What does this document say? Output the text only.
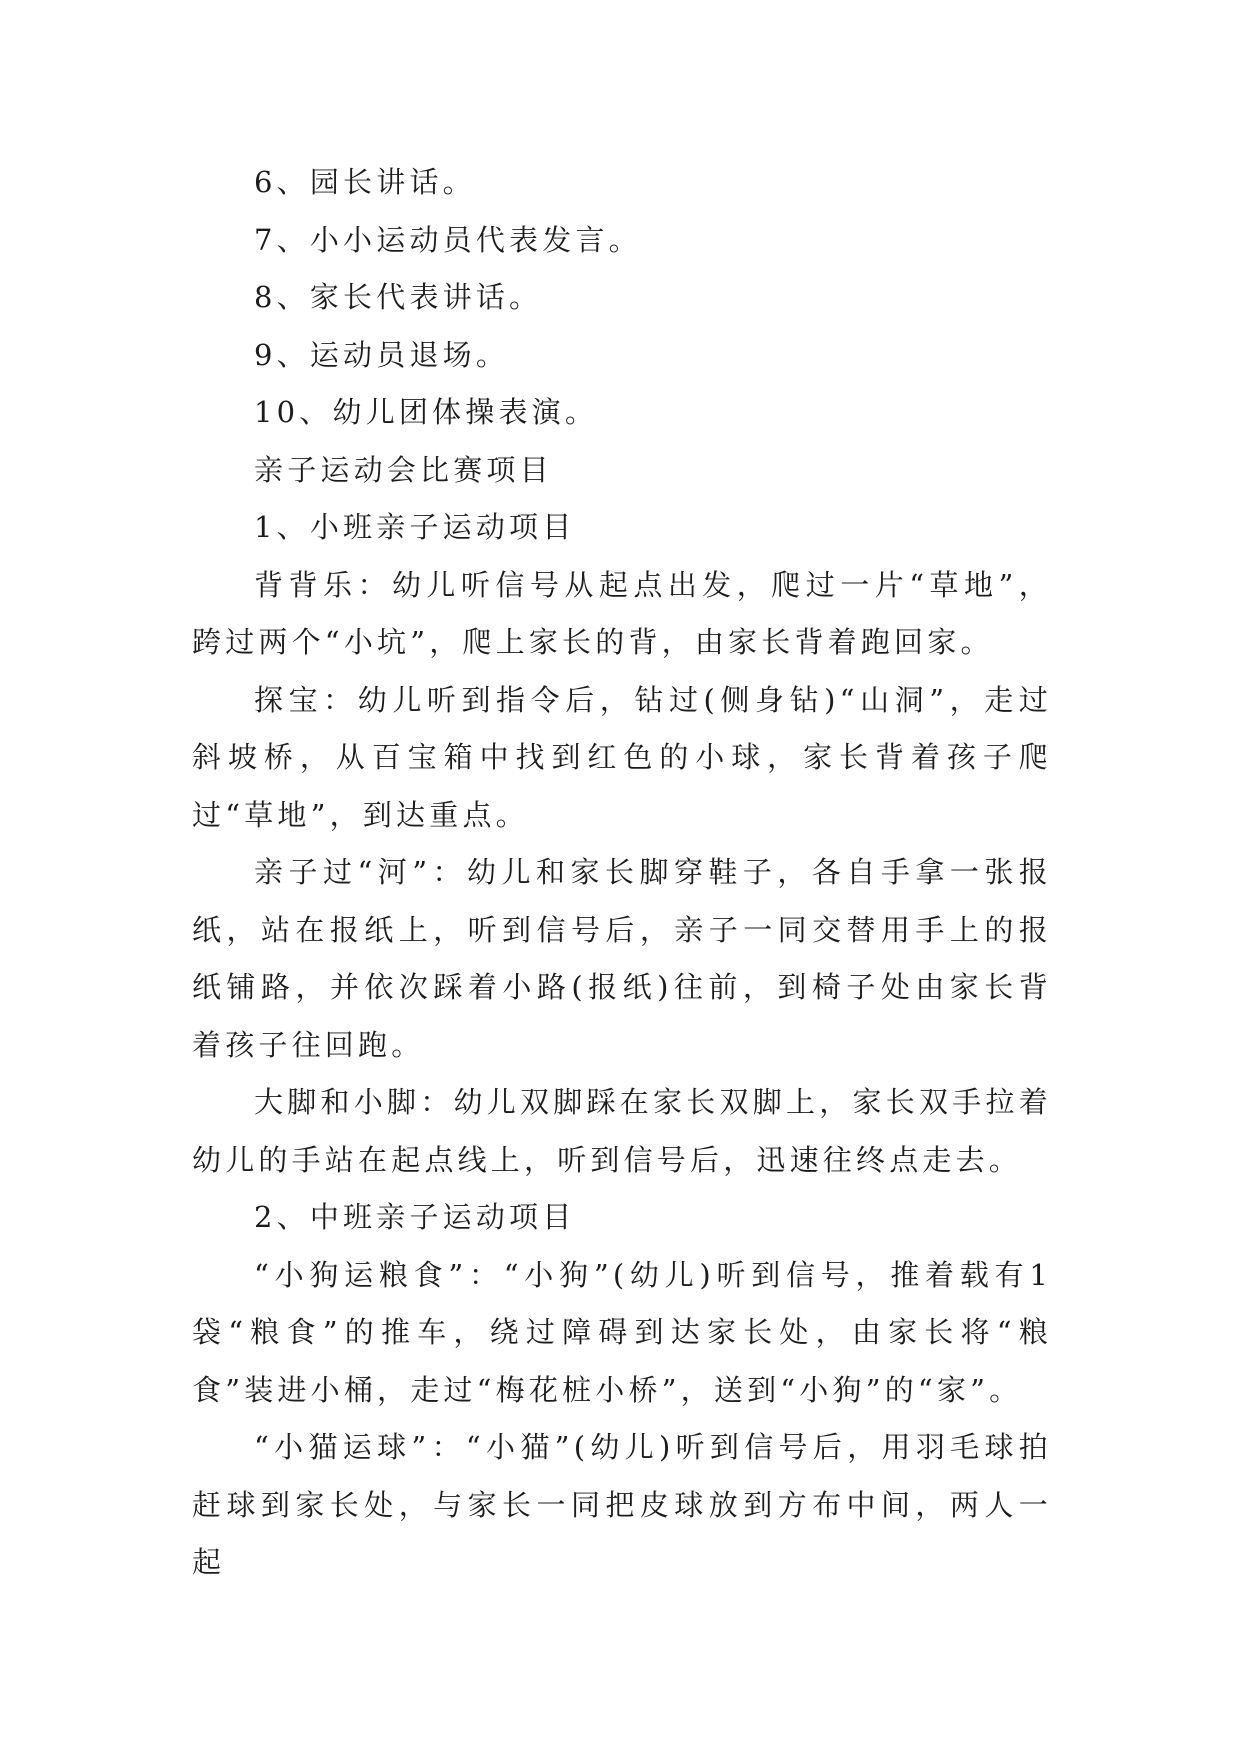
6、园长讲话。

7、小小运动员代表发言。

8、家长代表讲话。

9、运动员退场。

10、幼儿团体操表演。

亲子运动会比赛项目

1、小班亲子运动项目

背背乐：幼儿听信号从起点出发，爬过一片“草地”，跨过两个“小坑”，爬上家长的背，由家长背着跑回家。

探宝：幼儿听到指令后，钻过(侧身钻)“山洞”，走过斜坡桥，从百宝箱中找到红色的小球，家长背着孩子爬过“草地”，到达重点。

亲子过“河”：幼儿和家长脚穿鞋子，各自手拿一张报纸，站在报纸上，听到信号后，亲子一同交替用手上的报纸铺路，并依次踩着小路(报纸)往前，到椅子处由家长背着孩子往回跑。

大脚和小脚：幼儿双脚踩在家长双脚上，家长双手拉着幼儿的手站在起点线上，听到信号后，迅速往终点走去。

2、中班亲子运动项目

“小狗运粮食”：“小狗”(幼儿)听到信号，推着载有1袋“粮食”的推车，绕过障碍到达家长处，由家长将“粮食”装进小桶，走过“梅花桩小桥”，送到“小狗”的“家”。

“小猫运球”：“小猫”(幼儿)听到信号后，用羽毛球拍赶球到家长处，与家长一同把皮球放到方布中间，两人一起
